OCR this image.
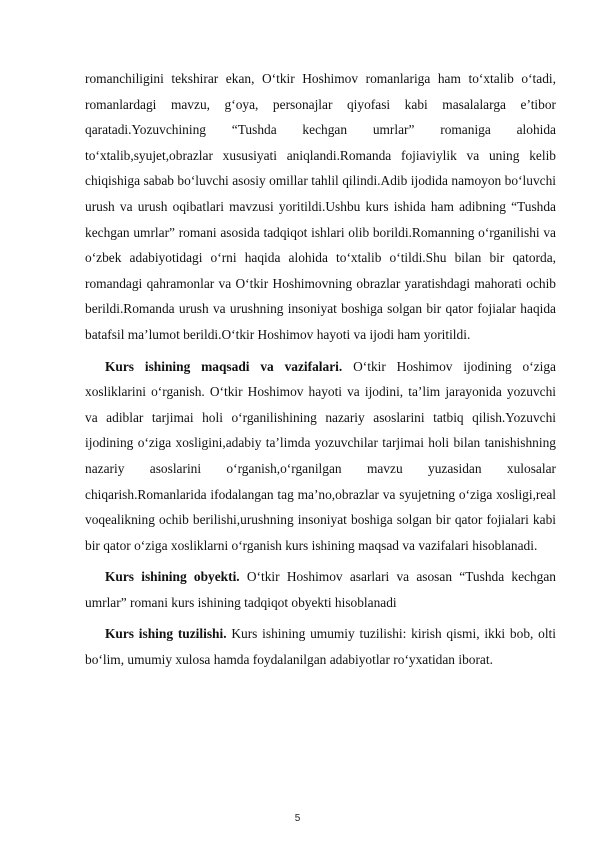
romanchiligini tekshirar ekan, O‘tkir Hoshimov romanlariga ham to‘xtalib o‘tadi, romanlardagi mavzu, g‘oya, personajlar qiyofasi kabi masalalarga e’tibor qaratadi.Yozuvchining “Tushda kechgan umrlar” romaniga alohida to‘xtalib,syujet,obrazlar xususiyati aniqlandi.Romanda fojiaviylik va uning kelib chiqishiga sabab bo‘luvchi asosiy omillar tahlil qilindi.Adib ijodida namoyon bo‘luvchi urush va urush oqibatlari mavzusi yoritildi.Ushbu kurs ishida ham adibning “Tushda kechgan umrlar” romani asosida tadqiqot ishlari olib borildi.Romanning o‘rganilishi va o‘zbek adabiyotidagi o‘rni haqida alohida to‘xtalib o‘tildi.Shu bilan bir qatorda, romandagi qahramonlar va O‘tkir Hoshimovning obrazlar yaratishdagi mahorati ochib berildi.Romanda urush va urushning insoniyat boshiga solgan bir qator fojialar haqida batafsil ma’lumot berildi.O‘tkir Hoshimov hayoti va ijodi ham yoritildi.

Kurs ishining maqsadi va vazifalari. O‘tkir Hoshimov ijodining o‘ziga xosliklarini o‘rganish. O‘tkir Hoshimov hayoti va ijodini, ta’lim jarayonida yozuvchi va adiblar tarjimai holi o‘rganilishining nazariy asoslarini tatbiq qilish.Yozuvchi ijodining o‘ziga xosligini,adabiy ta’limda yozuvchilar tarjimai holi bilan tanishishning nazariy asoslarini o‘rganish,o‘rganilgan mavzu yuzasidan xulosalar chiqarish.Romanlarida ifodalangan tag ma’no,obrazlar va syujetning o‘ziga xosligi,real voqealikning ochib berilishi,urushning insoniyat boshiga solgan bir qator fojialari kabi bir qator o‘ziga xosliklarni o‘rganish kurs ishining maqsad va vazifalari hisoblanadi.

Kurs ishining obyekti. O‘tkir Hoshimov asarlari va asosan “Tushda kechgan umrlar” romani kurs ishining tadqiqot obyekti hisoblanadi

Kurs ishing tuzilishi. Kurs ishining umumiy tuzilishi: kirish qismi, ikki bob, olti bo‘lim, umumiy xulosa hamda foydalanilgan adabiyotlar ro‘yxatidan iborat.

5
